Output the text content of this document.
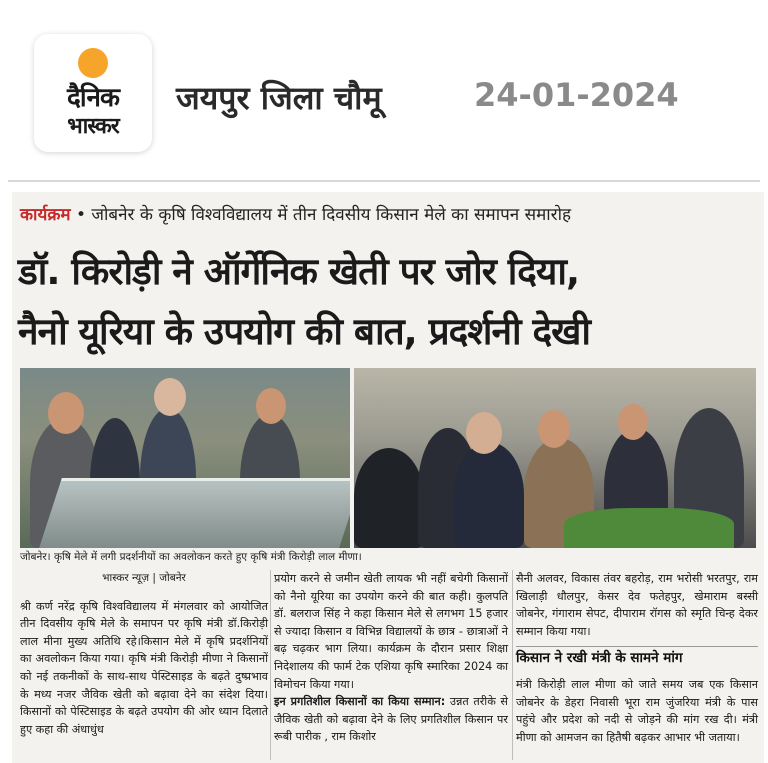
दैनिक
भास्कर
जयपुर जिला चौमू	24-01-2024
कार्यक्रम • जोबनेर के कृषि विश्वविद्यालय में तीन दिवसीय किसान मेले का समापन समारोह
डॉ. किरोड़ी ने ऑर्गेनिक खेती पर जोर दिया,
नैनो यूरिया के उपयोग की बात, प्रदर्शनी देखी
जोबनेर। कृषि मेले में लगी प्रदर्शनीयों का अवलोकन करते हुए कृषि मंत्री किरोड़ी लाल मीणा।
भास्कर न्यूज़ | जोबनेर

श्री कर्ण नरेंद्र कृषि विश्वविद्यालय में मंगलवार को आयोजित तीन दिवसीय कृषि मेले के समापन पर कृषि मंत्री डॉ.किरोड़ी लाल मीना मुख्य अतिथि रहे।किसान मेले में कृषि प्रदर्शनियों का अवलोकन किया गया। कृषि मंत्री किरोड़ी मीणा ने किसानों को नई तकनीकों के साथ-साथ पेस्टिसाइड के बढ़ते दुष्प्रभाव के मध्य नजर जैविक खेती को बढ़ावा देने का संदेश दिया। किसानों को पेस्टिसाइड के बढ़ते उपयोग की ओर ध्यान दिलाते हुए कहा की अंधाधुंध

प्रयोग करने से जमीन खेती लायक भी नहीं बचेगी किसानों को नैनो यूरिया का उपयोग करने की बात कही। कुलपति डॉ. बलराज सिंह ने कहा किसान मेले से लगभग 15 हजार से ज्यादा किसान व विभिन्न विद्यालयों के छात्र - छात्राओं ने बढ़ चढ़कर भाग लिया। कार्यक्रम के दौरान प्रसार शिक्षा निदेशालय की फार्म टेक एशिया कृषि स्मारिका 2024 का विमोचन किया गया।

इन प्रगतिशील किसानों का किया सम्मान: उन्नत तरीके से जैविक खेती को बढ़ावा देने के लिए प्रगतिशील किसान पर रूबी पारीक , राम किशोर

सैनी अलवर, विकास तंवर बहरोड़, राम भरोसी भरतपुर, राम खिलाड़ी धौलपुर, केसर देव फतेहपुर, खेमाराम बस्सी जोबनेर, गंगाराम सेपट, दीपाराम रॉगस को स्मृति चिन्ह देकर सम्मान किया गया।

किसान ने रखी मंत्री के सामने मांग

मंत्री किरोड़ी लाल मीणा को जाते समय जब एक किसान जोबनेर के डेहरा निवासी भूरा राम जुंजरिया मंत्री के पास पहुंचे और प्रदेश को नदी से जोड़ने की मांग रख दी। मंत्री मीणा को आमजन का हितैषी बढ़कर आभार भी जताया।
